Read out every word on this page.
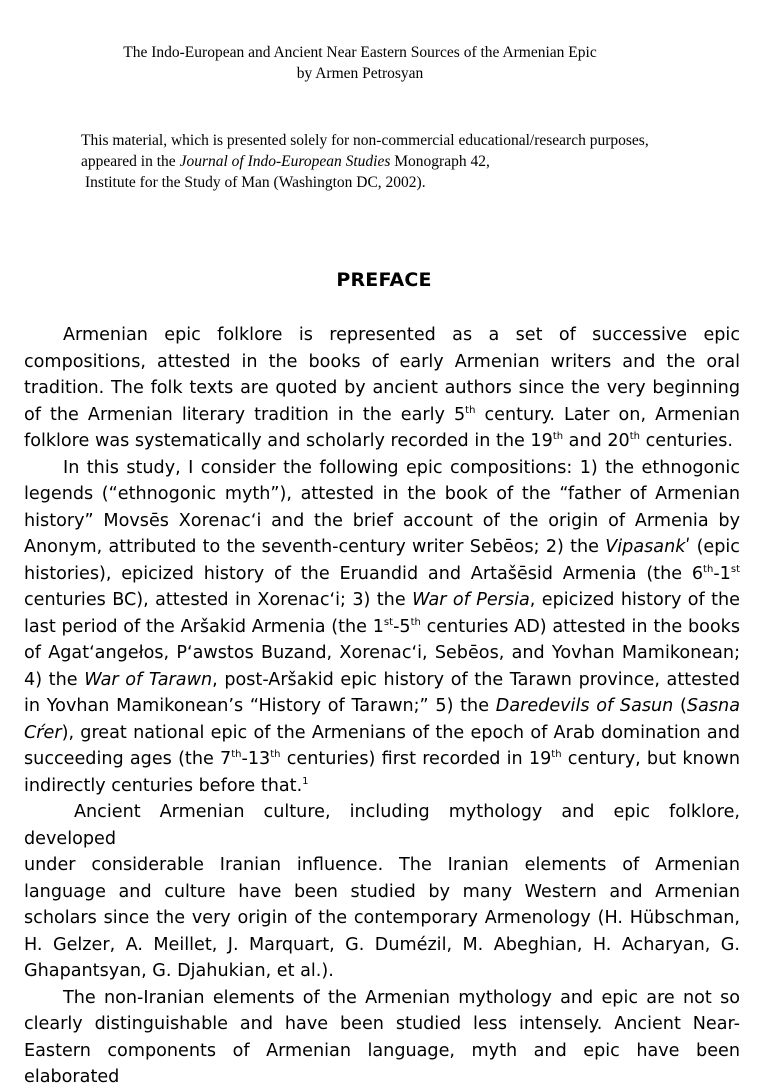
The Indo-European and Ancient Near Eastern Sources of the Armenian Epic
by Armen Petrosyan
This material, which is presented solely for non-commercial educational/research purposes,
appeared in the Journal of Indo-European Studies Monograph 42,
Institute for the Study of Man (Washington DC, 2002).
PREFACE

Armenian epic folklore is represented as a set of successive epic
compositions, attested in the books of early Armenian writers and the oral
tradition. The folk texts are quoted by ancient authors since the very beginning
of the Armenian literary tradition in the early 5th century. Later on, Armenian
folklore was systematically and scholarly recorded in the 19th and 20th centuries.

In this study, I consider the following epic compositions: 1) the ethnogonic
legends (“ethnogonic myth”), attested in the book of the “father of Armenian
history” Movsēs Xorenacʻi and the brief account of the origin of Armenia by
Anonym, attributed to the seventh-century writer Sebēos; 2) the Vipasankʹ (epic
histories), epicized history of the Eruandid and Artašēsid Armenia (the 6th-1st
centuries BC), attested in Xorenacʻi; 3) the War of Persia, epicized history of the
last period of the Aršakid Armenia (the 1st-5th centuries AD) attested in the books
of Agatʻangełos, Pʻawstos Buzand, Xorenacʻi, Sebēos, and Yovhan Mamikonean;
4) the War of Tarawn, post-Aršakid epic history of the Tarawn province, attested
in Yovhan Mamikonean’s “History of Tarawn;” 5) the Daredevils of Sasun (Sasna
Cŕer), great national epic of the Armenians of the epoch of Arab domination and
succeeding ages (the 7th-13th centuries) first recorded in 19th century, but known
indirectly centuries before that.$^1$

Ancient Armenian culture, including mythology and epic folklore, developed
under considerable Iranian influence. The Iranian elements of Armenian
language and culture have been studied by many Western and Armenian
scholars since the very origin of the contemporary Armenology (H. Hübschman,
H. Gelzer, A. Meillet, J. Marquart, G. Dumézil, M. Abeghian, H. Acharyan, G.
Ghapantsyan, G. Djahukian, et al.).

The non-Iranian elements of the Armenian mythology and epic are not so
clearly distinguishable and have been studied less intensely. Ancient Near-
Eastern components of Armenian language, myth and epic have been elaborated
